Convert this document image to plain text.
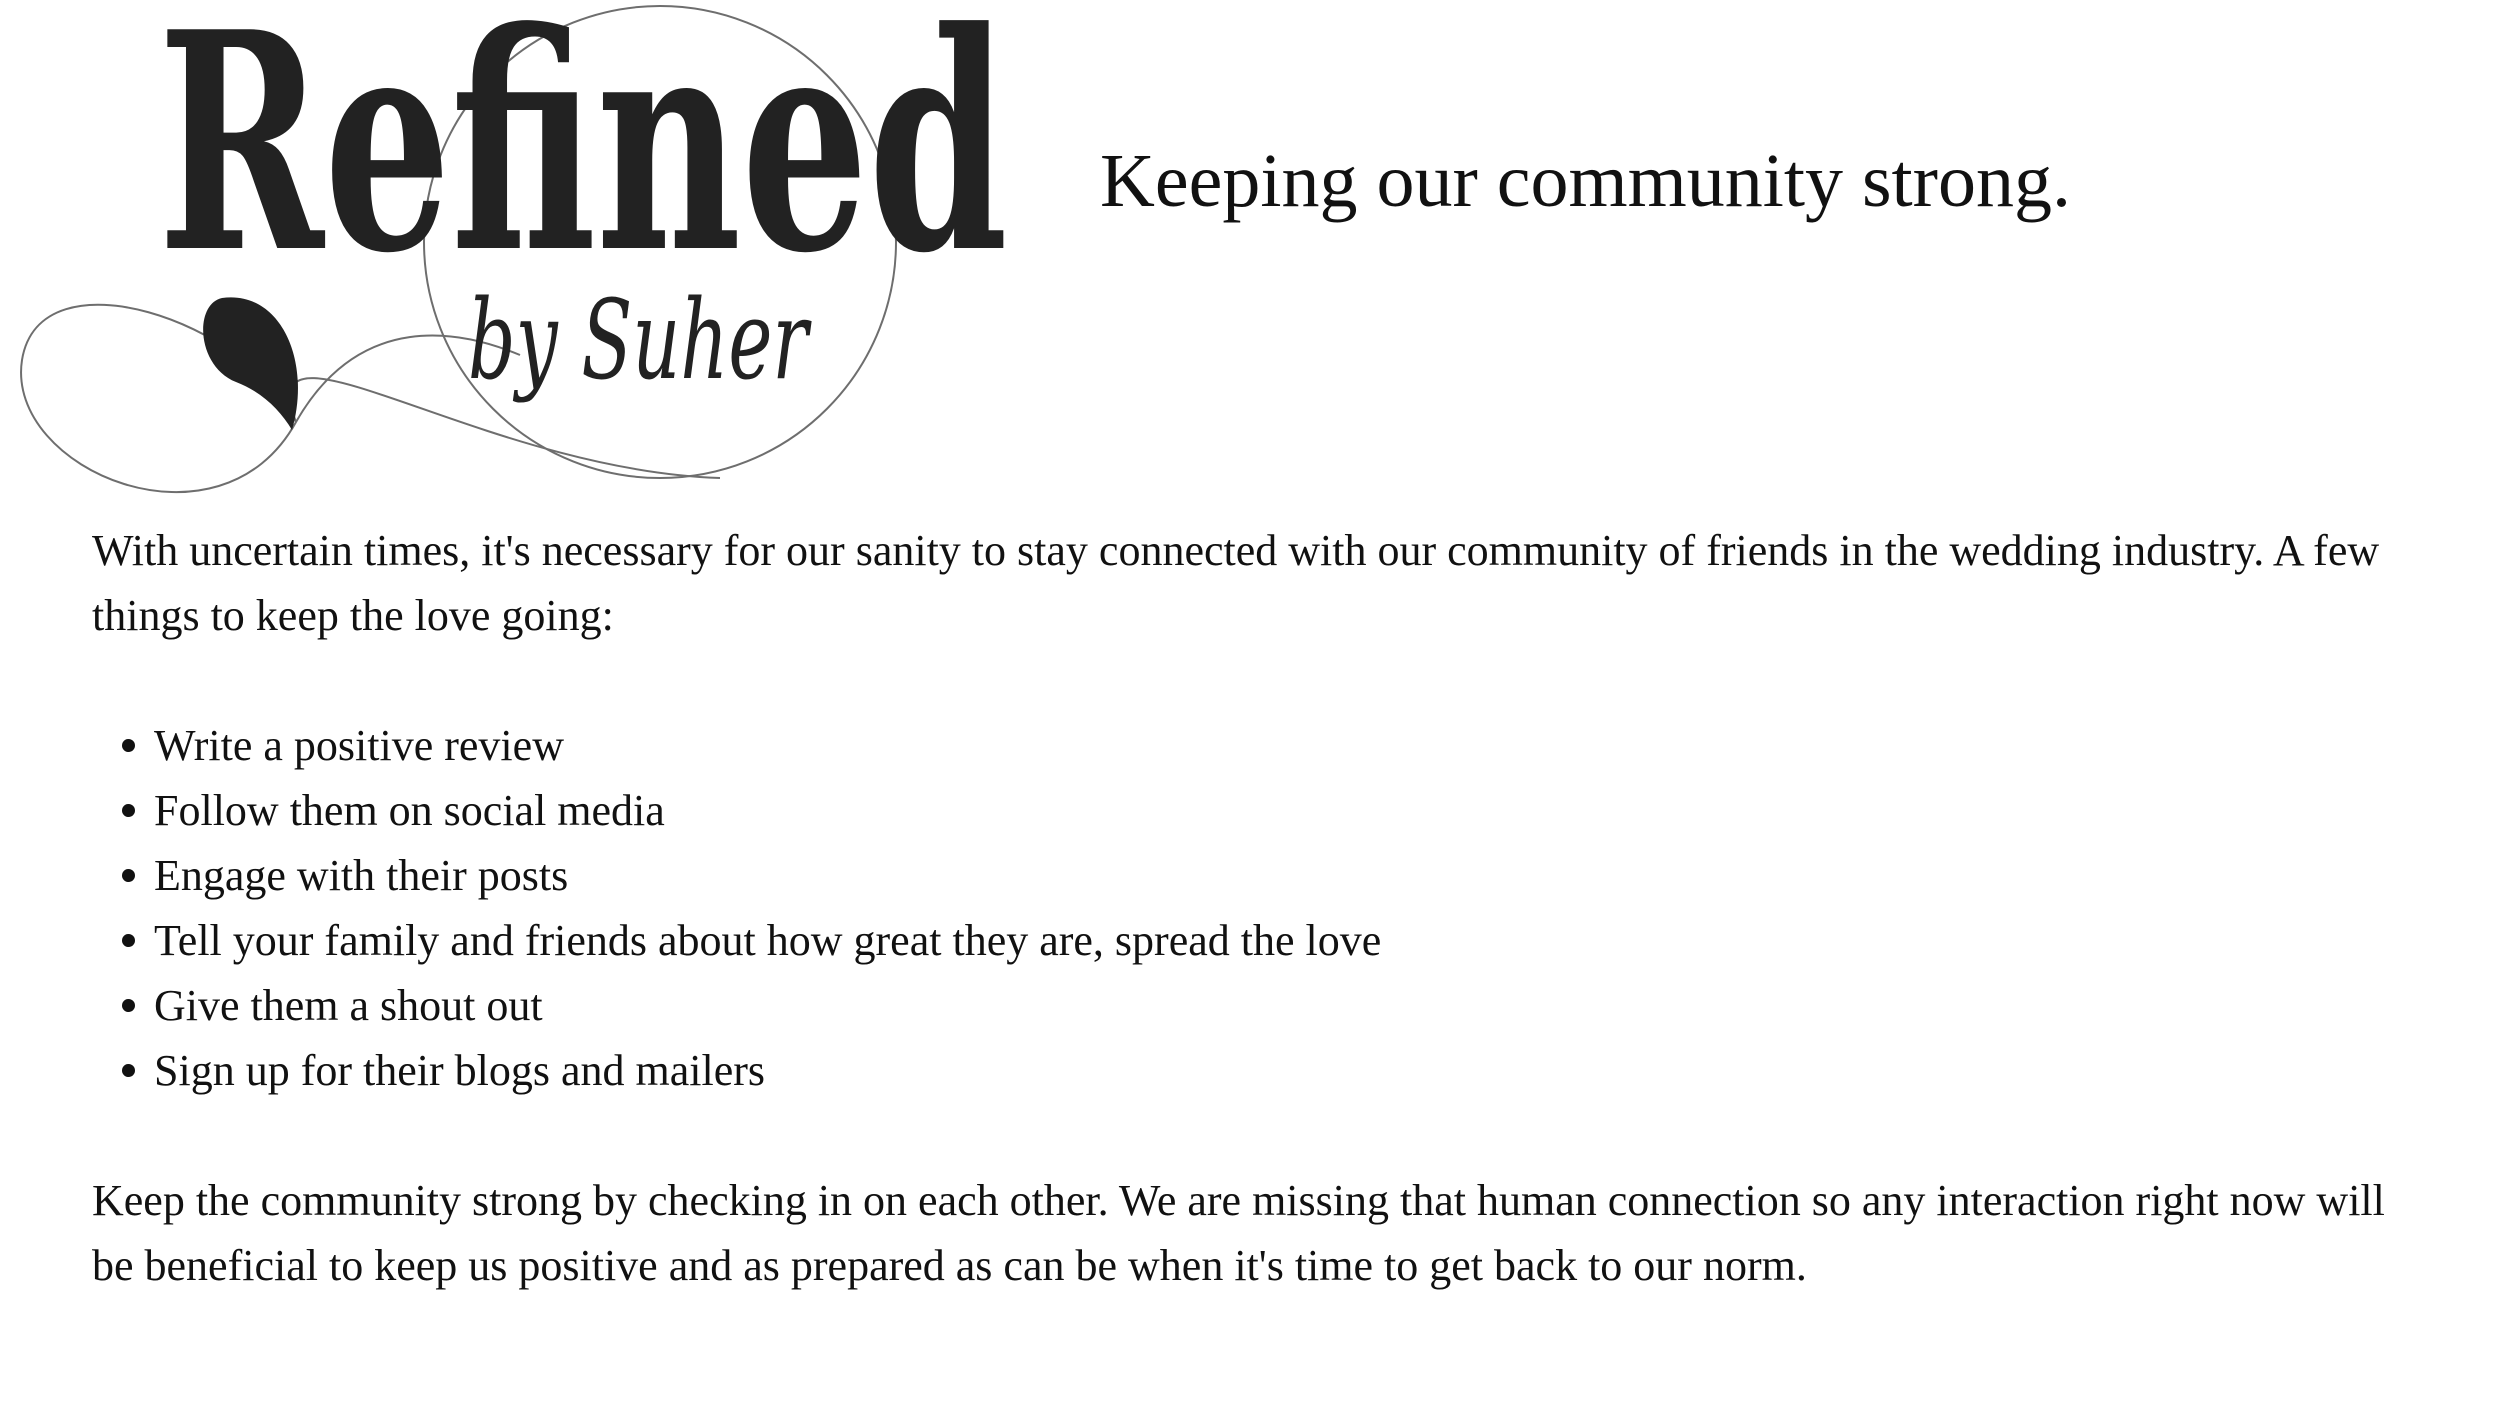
Refined
by Suher
Keeping our community strong.

With uncertain times, it's necessary for our sanity to stay connected with our community of friends in the wedding industry. A few things to keep the love going:

Write a positive review
Follow them on social media
Engage with their posts
Tell your family and friends about how great they are, spread the love
Give them a shout out
Sign up for their blogs and mailers

Keep the community strong by checking in on each other. We are missing that human connection so any interaction right now will be beneficial to keep us positive and as prepared as can be when it's time to get back to our norm.
